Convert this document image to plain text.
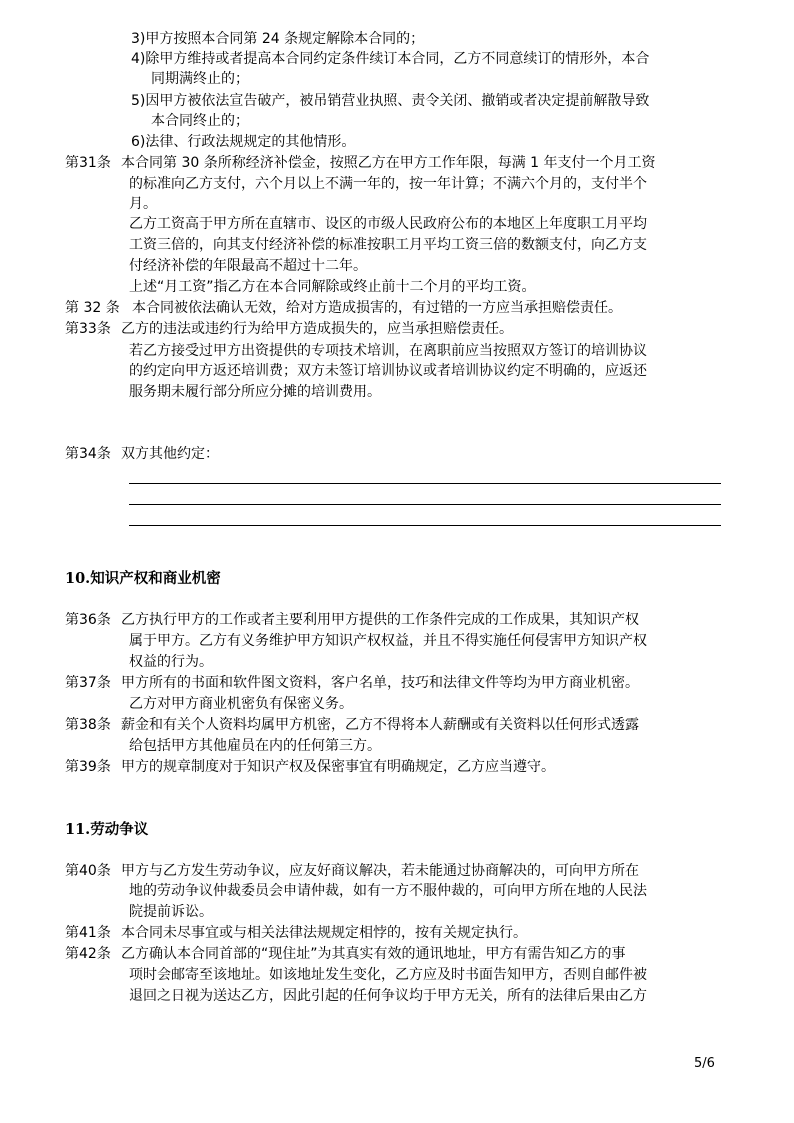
3)甲方按照本合同第 24 条规定解除本合同的；
4)除甲方维持或者提高本合同约定条件续订本合同，乙方不同意续订的情形外，本合
同期满终止的；
5)因甲方被依法宣告破产，被吊销营业执照、责令关闭、撤销或者决定提前解散导致
本合同终止的；
6)法律、行政法规规定的其他情形。
第31条 本合同第 30 条所称经济补偿金，按照乙方在甲方工作年限，每满 1 年支付一个月工资
的标准向乙方支付，六个月以上不满一年的，按一年计算；不满六个月的，支付半个
月。
乙方工资高于甲方所在直辖市、设区的市级人民政府公布的本地区上年度职工月平均
工资三倍的，向其支付经济补偿的标准按职工月平均工资三倍的数额支付，向乙方支
付经济补偿的年限最高不超过十二年。
上述“月工资”指乙方在本合同解除或终止前十二个月的平均工资。
第 32 条 本合同被依法确认无效，给对方造成损害的，有过错的一方应当承担赔偿责任。
第33条 乙方的违法或违约行为给甲方造成损失的，应当承担赔偿责任。
若乙方接受过甲方出资提供的专项技术培训，在离职前应当按照双方签订的培训协议
的约定向甲方返还培训费；双方未签订培训协议或者培训协议约定不明确的，应返还
服务期未履行部分所应分摊的培训费用。
第34条 双方其他约定：
10.知识产权和商业机密
第36条 乙方执行甲方的工作或者主要利用甲方提供的工作条件完成的工作成果，其知识产权
属于甲方。乙方有义务维护甲方知识产权权益，并且不得实施任何侵害甲方知识产权
权益的行为。
第37条 甲方所有的书面和软件图文资料，客户名单，技巧和法律文件等均为甲方商业机密。
乙方对甲方商业机密负有保密义务。
第38条 薪金和有关个人资料均属甲方机密，乙方不得将本人薪酬或有关资料以任何形式透露
给包括甲方其他雇员在内的任何第三方。
第39条 甲方的规章制度对于知识产权及保密事宜有明确规定，乙方应当遵守。
11.劳动争议
第40条 甲方与乙方发生劳动争议，应友好商议解决，若未能通过协商解决的，可向甲方所在
地的劳动争议仲裁委员会申请仲裁，如有一方不服仲裁的，可向甲方所在地的人民法
院提前诉讼。
第41条 本合同未尽事宜或与相关法律法规规定相悖的，按有关规定执行。
第42条 乙方确认本合同首部的“现住址”为其真实有效的通讯地址，甲方有需告知乙方的事
项时会邮寄至该地址。如该地址发生变化，乙方应及时书面告知甲方，否则自邮件被
退回之日视为送达乙方，因此引起的任何争议均于甲方无关，所有的法律后果由乙方
5/6
